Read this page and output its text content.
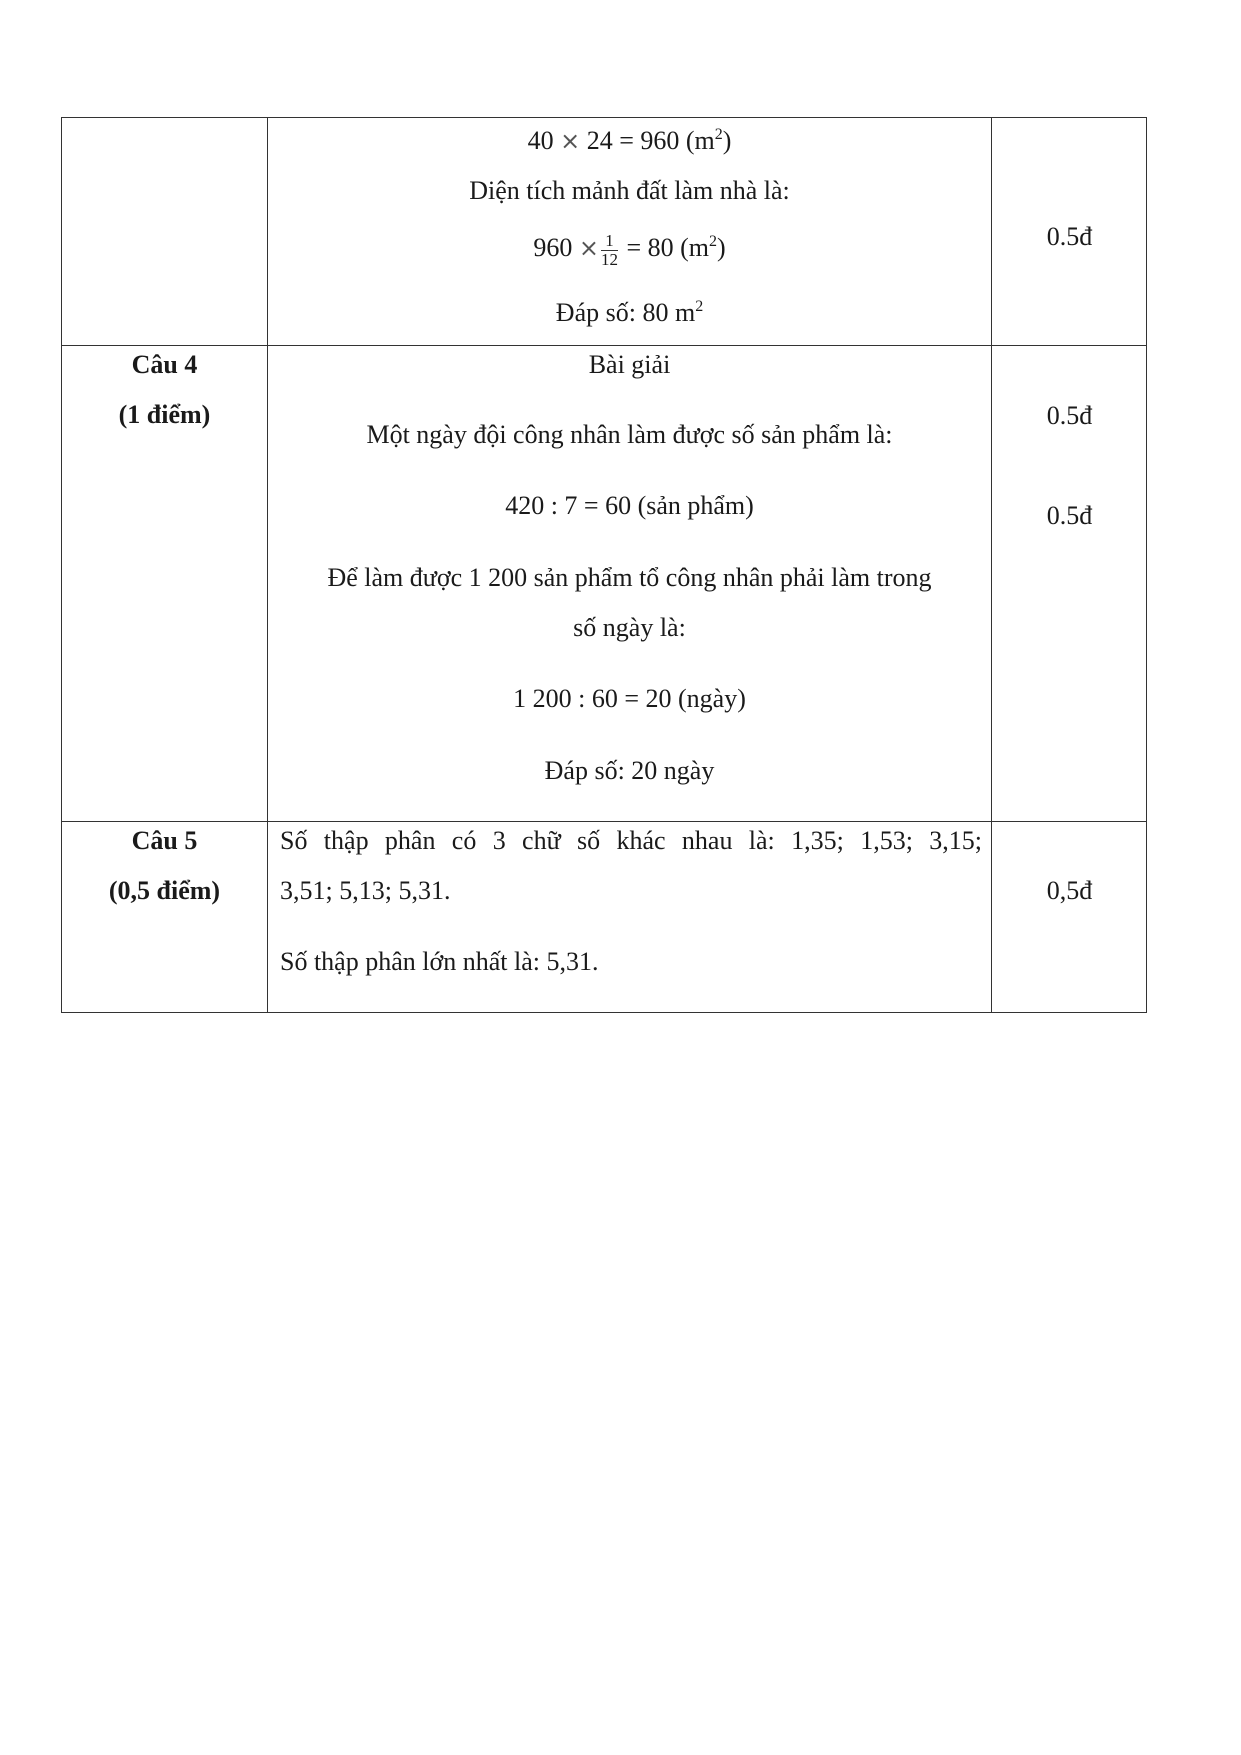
40 × 24 = 960 $(m^2)$
Diện tích mảnh đất làm nhà là:
$960 \times \frac{1}{12} = 80$ $(m^2)$
Đáp số: 80 $m^2$
0.5đ
Câu 4
(1 điểm)
Bài giải
Một ngày đội công nhân làm được số sản phẩm là:
420 : 7 = 60 (sản phẩm)
Để làm được 1 200 sản phẩm tổ công nhân phải làm trong
số ngày là:
1 200 : 60 = 20 (ngày)
Đáp số: 20 ngày
0.5đ
0.5đ
Câu 5
(0,5 điểm)
Số thập phân có 3 chữ số khác nhau là: 1,35; 1,53; 3,15;
3,51; 5,13; 5,31.
Số thập phân lớn nhất là: 5,31.
0,5đ
